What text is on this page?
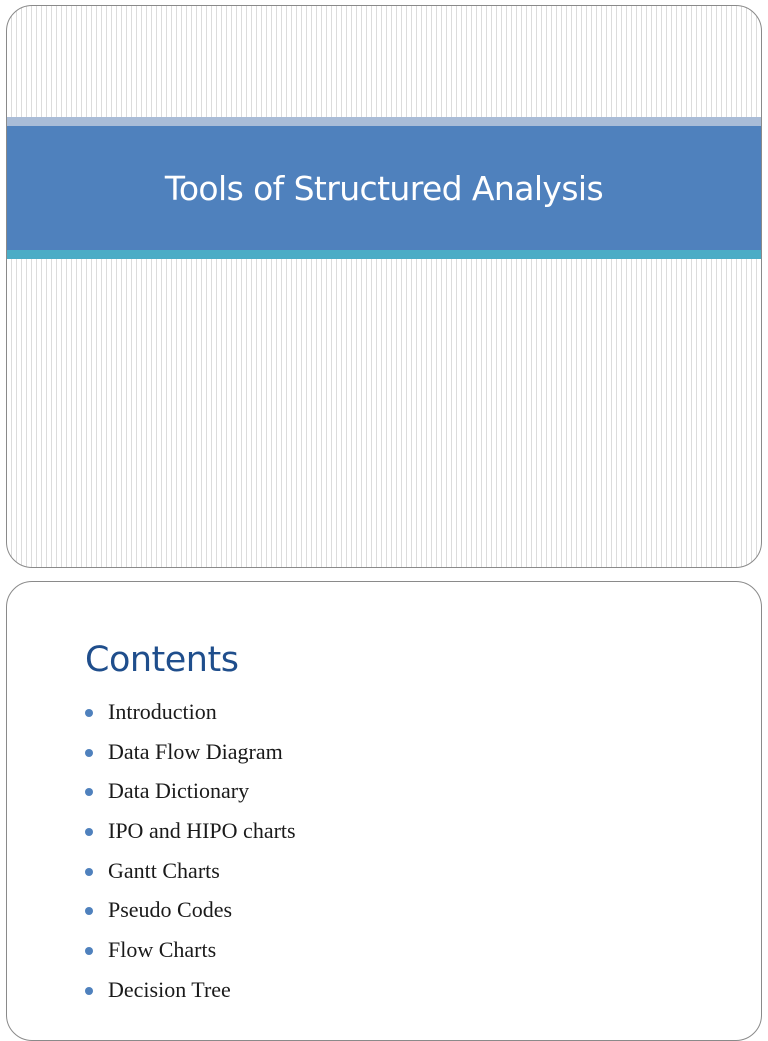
Tools of Structured Analysis
Contents
Introduction
Data Flow Diagram
Data Dictionary
IPO and HIPO charts
Gantt Charts
Pseudo Codes
Flow Charts
Decision Tree
